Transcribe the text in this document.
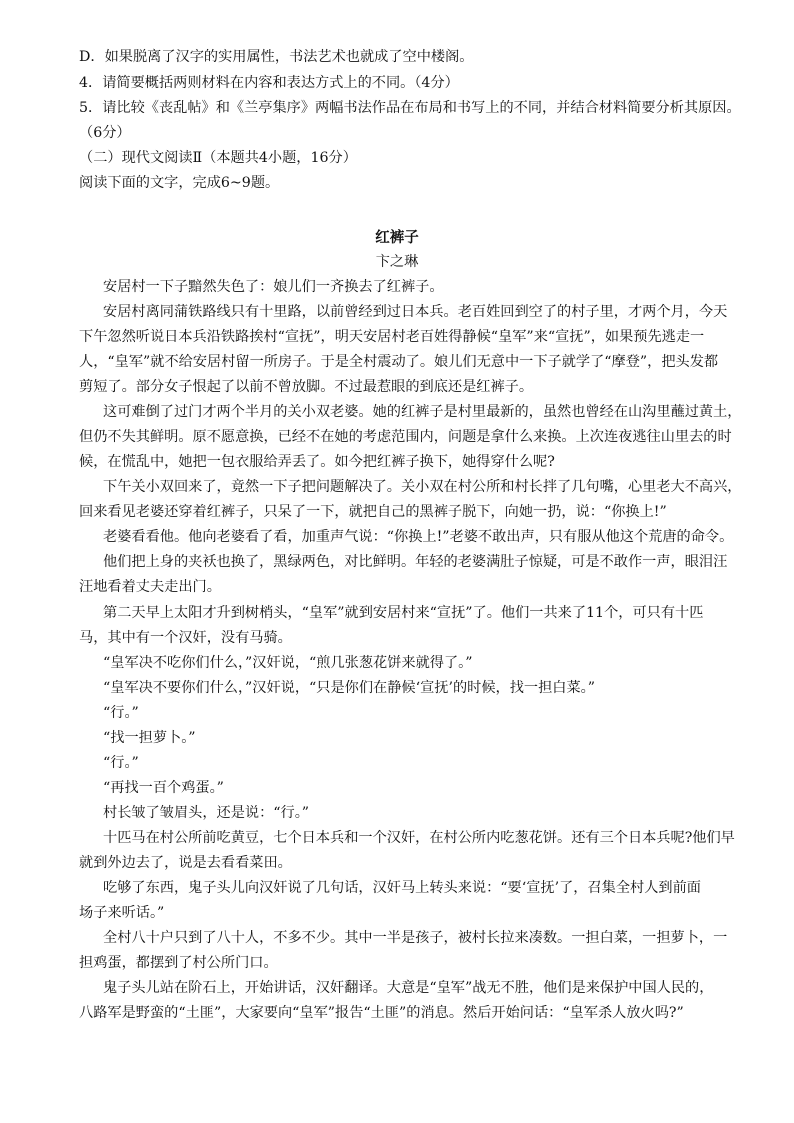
D．如果脱离了汉字的实用属性，书法艺术也就成了空中楼阁。
4．请简要概括两则材料在内容和表达方式上的不同。（4分）
5．请比较《丧乱帖》和《兰亭集序》两幅书法作品在布局和书写上的不同，并结合材料简要分析其原因。
（6分）
（二）现代文阅读Ⅱ（本题共4小题，16分）
阅读下面的文字，完成6~9题。
红裤子
卞之琳
安居村一下子黯然失色了：娘儿们一齐换去了红裤子。
安居村离同蒲铁路线只有十里路，以前曾经到过日本兵。老百姓回到空了的村子里，才两个月，今天
下午忽然听说日本兵沿铁路挨村“宣抚”，明天安居村老百姓得静候“皇军”来“宣抚”，如果预先逃走一
人，“皇军”就不给安居村留一所房子。于是全村震动了。娘儿们无意中一下子就学了“摩登”，把头发都
剪短了。部分女子恨起了以前不曾放脚。不过最惹眼的到底还是红裤子。
这可难倒了过门才两个半月的关小双老婆。她的红裤子是村里最新的，虽然也曾经在山沟里蘸过黄土，
但仍不失其鲜明。原不愿意换，已经不在她的考虑范围内，问题是拿什么来换。上次连夜逃往山里去的时
候，在慌乱中，她把一包衣服给弄丢了。如今把红裤子换下，她得穿什么呢?
下午关小双回来了，竟然一下子把问题解决了。关小双在村公所和村长拌了几句嘴，心里老大不高兴，
回来看见老婆还穿着红裤子，只呆了一下，就把自己的黑裤子脱下，向她一扔，说：“你换上!”
老婆看看他。他向老婆看了看，加重声气说：“你换上!”老婆不敢出声，只有服从他这个荒唐的命令。
他们把上身的夹袄也换了，黑绿两色，对比鲜明。年轻的老婆满肚子惊疑，可是不敢作一声，眼泪汪
汪地看着丈夫走出门。
第二天早上太阳才升到树梢头，“皇军”就到安居村来“宣抚”了。他们一共来了11个，可只有十匹
马，其中有一个汉奸，没有马骑。
“皇军决不吃你们什么，”汉奸说，“煎几张葱花饼来就得了。”
“皇军决不要你们什么，”汉奸说，“只是你们在静候‘宣抚’的时候，找一担白菜。”
“行。”
“找一担萝卜。”
“行。”
“再找一百个鸡蛋。”
村长皱了皱眉头，还是说：“行。”
十匹马在村公所前吃黄豆，七个日本兵和一个汉奸，在村公所内吃葱花饼。还有三个日本兵呢?他们早
就到外边去了，说是去看看菜田。
吃够了东西，鬼子头儿向汉奸说了几句话，汉奸马上转头来说：“要‘宣抚’了，召集全村人到前面
场子来听话。”
全村八十户只到了八十人，不多不少。其中一半是孩子，被村长拉来凑数。一担白菜，一担萝卜，一
担鸡蛋，都摆到了村公所门口。
鬼子头儿站在阶石上，开始讲话，汉奸翻译。大意是“皇军”战无不胜，他们是来保护中国人民的，
八路军是野蛮的“土匪”，大家要向“皇军”报告“土匪”的消息。然后开始问话：“皇军杀人放火吗?”
